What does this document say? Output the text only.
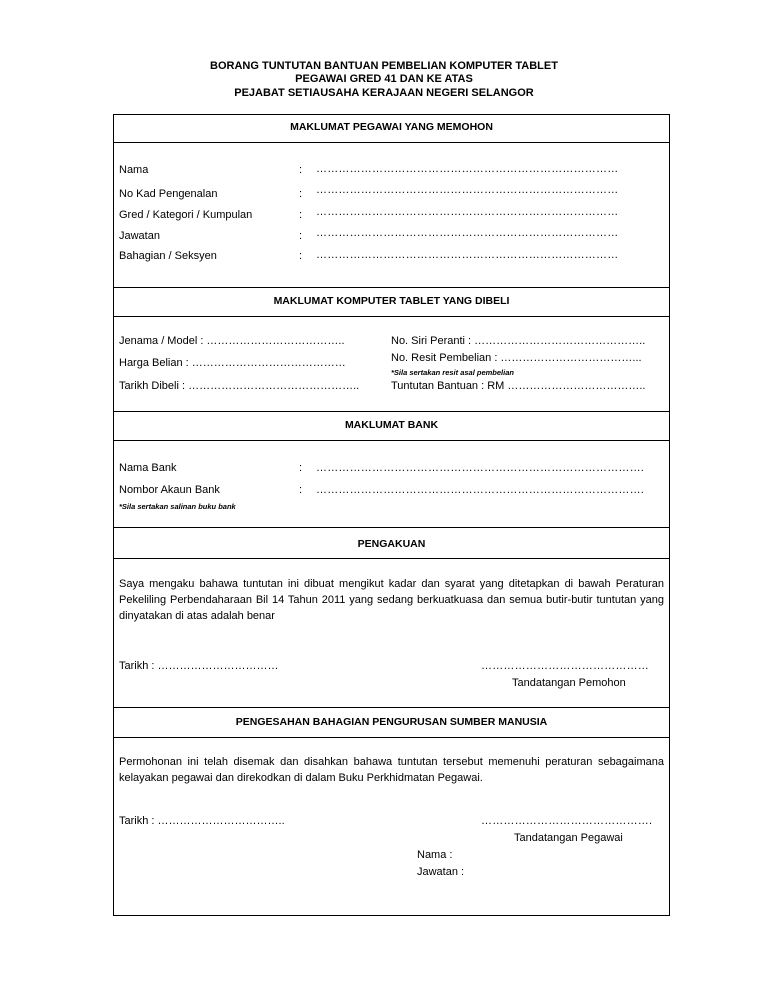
BORANG TUNTUTAN BANTUAN PEMBELIAN KOMPUTER TABLET
PEGAWAI GRED 41 DAN KE ATAS
PEJABAT SETIAUSAHA KERAJAAN NEGERI SELANGOR
MAKLUMAT PEGAWAI YANG MEMOHON
Nama	: ………………………………………………………………………
No Kad Pengenalan	: ………………………………………………………………………
Gred / Kategori / Kumpulan	: ………………………………………………………………………
Jawatan	: ………………………………………………………………………
Bahagian / Seksyen	: ………………………………………………………………………
MAKLUMAT KOMPUTER TABLET YANG DIBELI
Jenama / Model : ………………………………..
Harga Belian : ……………………………………
Tarikh Dibeli : ………………………………………..
No. Siri Peranti : ………………………………………..
No. Resit Pembelian : ………………………………...
*Sila sertakan resit asal pembelian
Tuntutan Bantuan : RM ………………………………..
MAKLUMAT BANK
Nama Bank	: …………………………………………………………………………….
Nombor Akaun Bank	: …………………………………………………………………………….
*Sila sertakan salinan buku bank
PENGAKUAN
Saya mengaku bahawa tuntutan ini dibuat mengikut kadar dan syarat yang ditetapkan di bawah Peraturan Pekeliling Perbendaharaan Bil 14 Tahun 2011 yang sedang berkuatkuasa dan semua butir-butir tuntutan yang dinyatakan di atas adalah benar
Tarikh : ……………………………	………………………………………
Tandatangan Pemohon
PENGESAHAN BAHAGIAN PENGURUSAN SUMBER MANUSIA
Permohonan ini telah disemak dan disahkan bahawa tuntutan tersebut memenuhi peraturan sebagaimana kelayakan pegawai dan direkodkan di dalam Buku Perkhidmatan Pegawai.
Tarikh : ……………………………..	……………………………………….
Tandatangan Pegawai
Nama :
Jawatan :
